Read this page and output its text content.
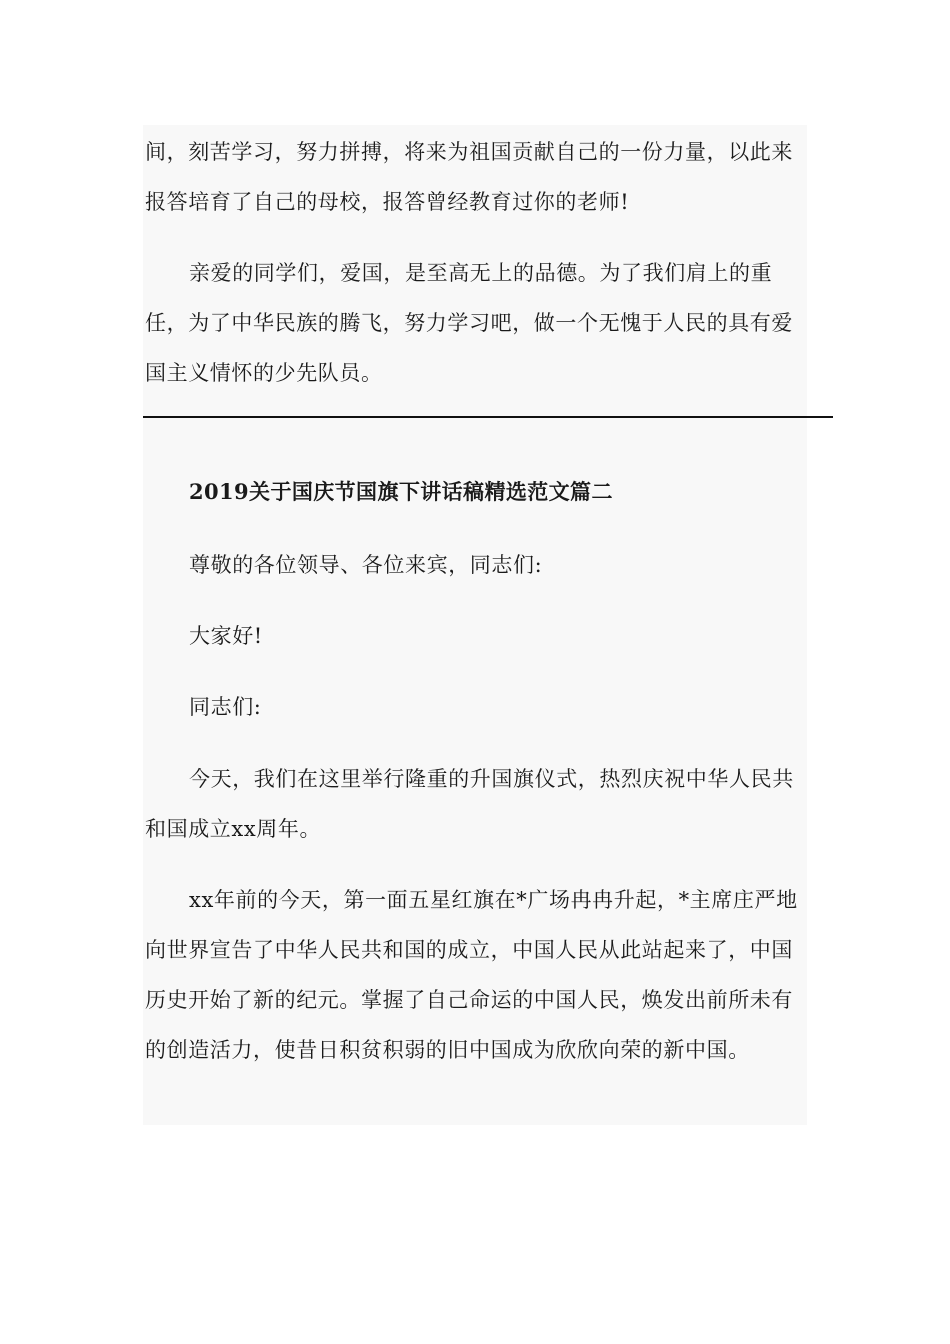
间，刻苦学习，努力拼搏，将来为祖国贡献自己的一份力量，以此来报答培育了自己的母校，报答曾经教育过你的老师!

亲爱的同学们，爱国，是至高无上的品德。为了我们肩上的重任，为了中华民族的腾飞，努力学习吧，做一个无愧于人民的具有爱国主义情怀的少先队员。

2019关于国庆节国旗下讲话稿精选范文篇二

尊敬的各位领导、各位来宾，同志们:

大家好!

同志们:

今天，我们在这里举行隆重的升国旗仪式，热烈庆祝中华人民共和国成立xx周年。

xx年前的今天，第一面五星红旗在*广场冉冉升起，*主席庄严地向世界宣告了中华人民共和国的成立，中国人民从此站起来了，中国历史开始了新的纪元。掌握了自己命运的中国人民，焕发出前所未有的创造活力，使昔日积贫积弱的旧中国成为欣欣向荣的新中国。
